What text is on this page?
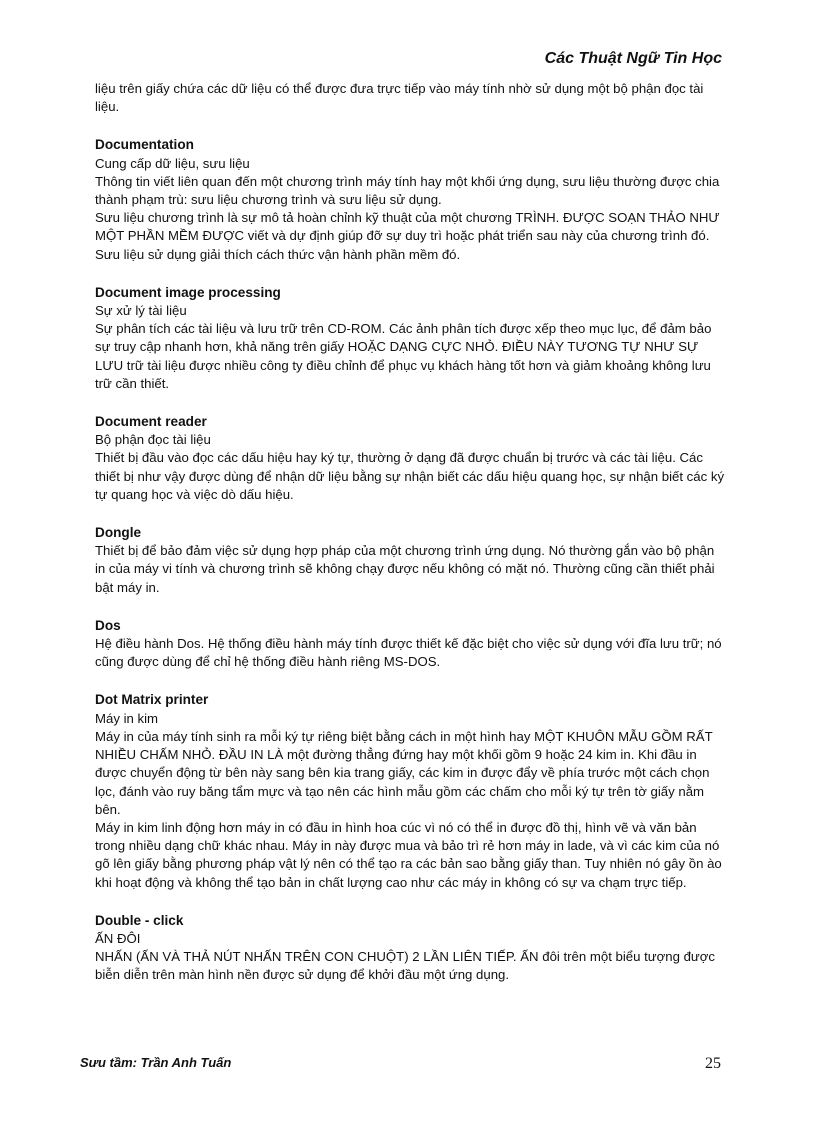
Các Thuật Ngữ Tin Học

liệu trên giấy chứa các dữ liệu có thể được đưa trực tiếp vào máy tính nhờ sử dụng một bộ phận đọc tài liệu.

Documentation

Cung cấp dữ liệu, sưu liệu

Thông tin viết liên quan đến một chương trình máy tính hay một khối ứng dụng, sưu liệu thường được chia thành phạm trù: sưu liệu chương trình và sưu liệu sử dụng.

Sưu liệu chương trình là sự mô tả hoàn chỉnh kỹ thuật của một chương TRÌNH. ĐƯỢC SOẠN THẢO NHƯ MỘT PHẦN MỀM ĐƯỢC viết và dự định giúp đỡ sự duy trì hoặc phát triển sau này của chương trình đó. Sưu liệu sử dụng giải thích cách thức vận hành phần mềm đó.

Document image processing

Sự xử lý tài liệu

Sự phân tích các tài liệu và lưu trữ trên CD-ROM. Các ảnh phân tích được xếp theo mục lục, để đảm bảo sự truy cập nhanh hơn, khả năng trên giấy HOẶC DẠNG CỰC NHỎ. ĐIỀU NÀY TƯƠNG TỰ NHƯ SỰ LƯU trữ tài liệu được nhiều công ty điều chỉnh để phục vụ khách hàng tốt hơn và giảm khoảng không lưu trữ cần thiết.

Document reader

Bộ phận đọc tài liệu

Thiết bị đầu vào đọc các dấu hiệu hay ký tự, thường ở dạng đã được chuẩn bị trước và các tài liệu. Các thiết bị như vậy được dùng để nhận dữ liệu bằng sự nhận biết các dấu hiệu quang học, sự nhận biết các ký tự quang học và việc dò dấu hiệu.

Dongle

Thiết bị để bảo đảm việc sử dụng hợp pháp của một chương trình ứng dụng. Nó thường gắn vào bộ phận in của máy vi tính và chương trình sẽ không chạy được nếu không có mặt nó. Thường cũng cần thiết phải bật máy in.

Dos

Hệ điều hành Dos. Hệ thống điều hành máy tính được thiết kế đặc biệt cho việc sử dụng với đĩa lưu trữ; nó cũng được dùng để chỉ hệ thống điều hành riêng MS-DOS.

Dot Matrix printer

Máy in kim

Máy in của máy tính sinh ra mỗi ký tự riêng biệt bằng cách in một hình hay MỘT KHUÔN MẪU GỒM RẤT NHIỀU CHẤM NHỎ. ĐẦU IN LÀ một đường thẳng đứng hay một khối gồm 9 hoặc 24 kim in. Khi đầu in được chuyển động từ bên này sang bên kia trang giấy, các kim in được đẩy về phía trước một cách chọn lọc, đánh vào ruy băng tẩm mực và tạo nên các hình mẫu gồm các chấm cho mỗi ký tự trên tờ giấy nằm bên.

Máy in kim linh động hơn máy in có đầu in hình hoa cúc vì nó có thể in được đồ thị, hình vẽ và văn bản trong nhiều dạng chữ khác nhau. Máy in này được mua và bảo trì rẻ hơn máy in lade, và vì các kim của nó gõ lên giấy bằng phương pháp vật lý nên có thể tạo ra các bản sao bằng giấy than. Tuy nhiên nó gây ồn ào khi hoạt động và không thể tạo bản in chất lượng cao như các máy in không có sự va chạm trực tiếp.

Double - click

ẤN ĐÔI

NHẤN (ẤN VÀ THẢ NÚT NHẤN TRÊN CON CHUỘT) 2 LẦN LIÊN TIẾP. ẤN đôi trên một biểu tượng được biễn diễn trên màn hình nền được sử dụng để khởi đầu một ứng dụng.

Sưu tầm: Trần Anh Tuấn	25
